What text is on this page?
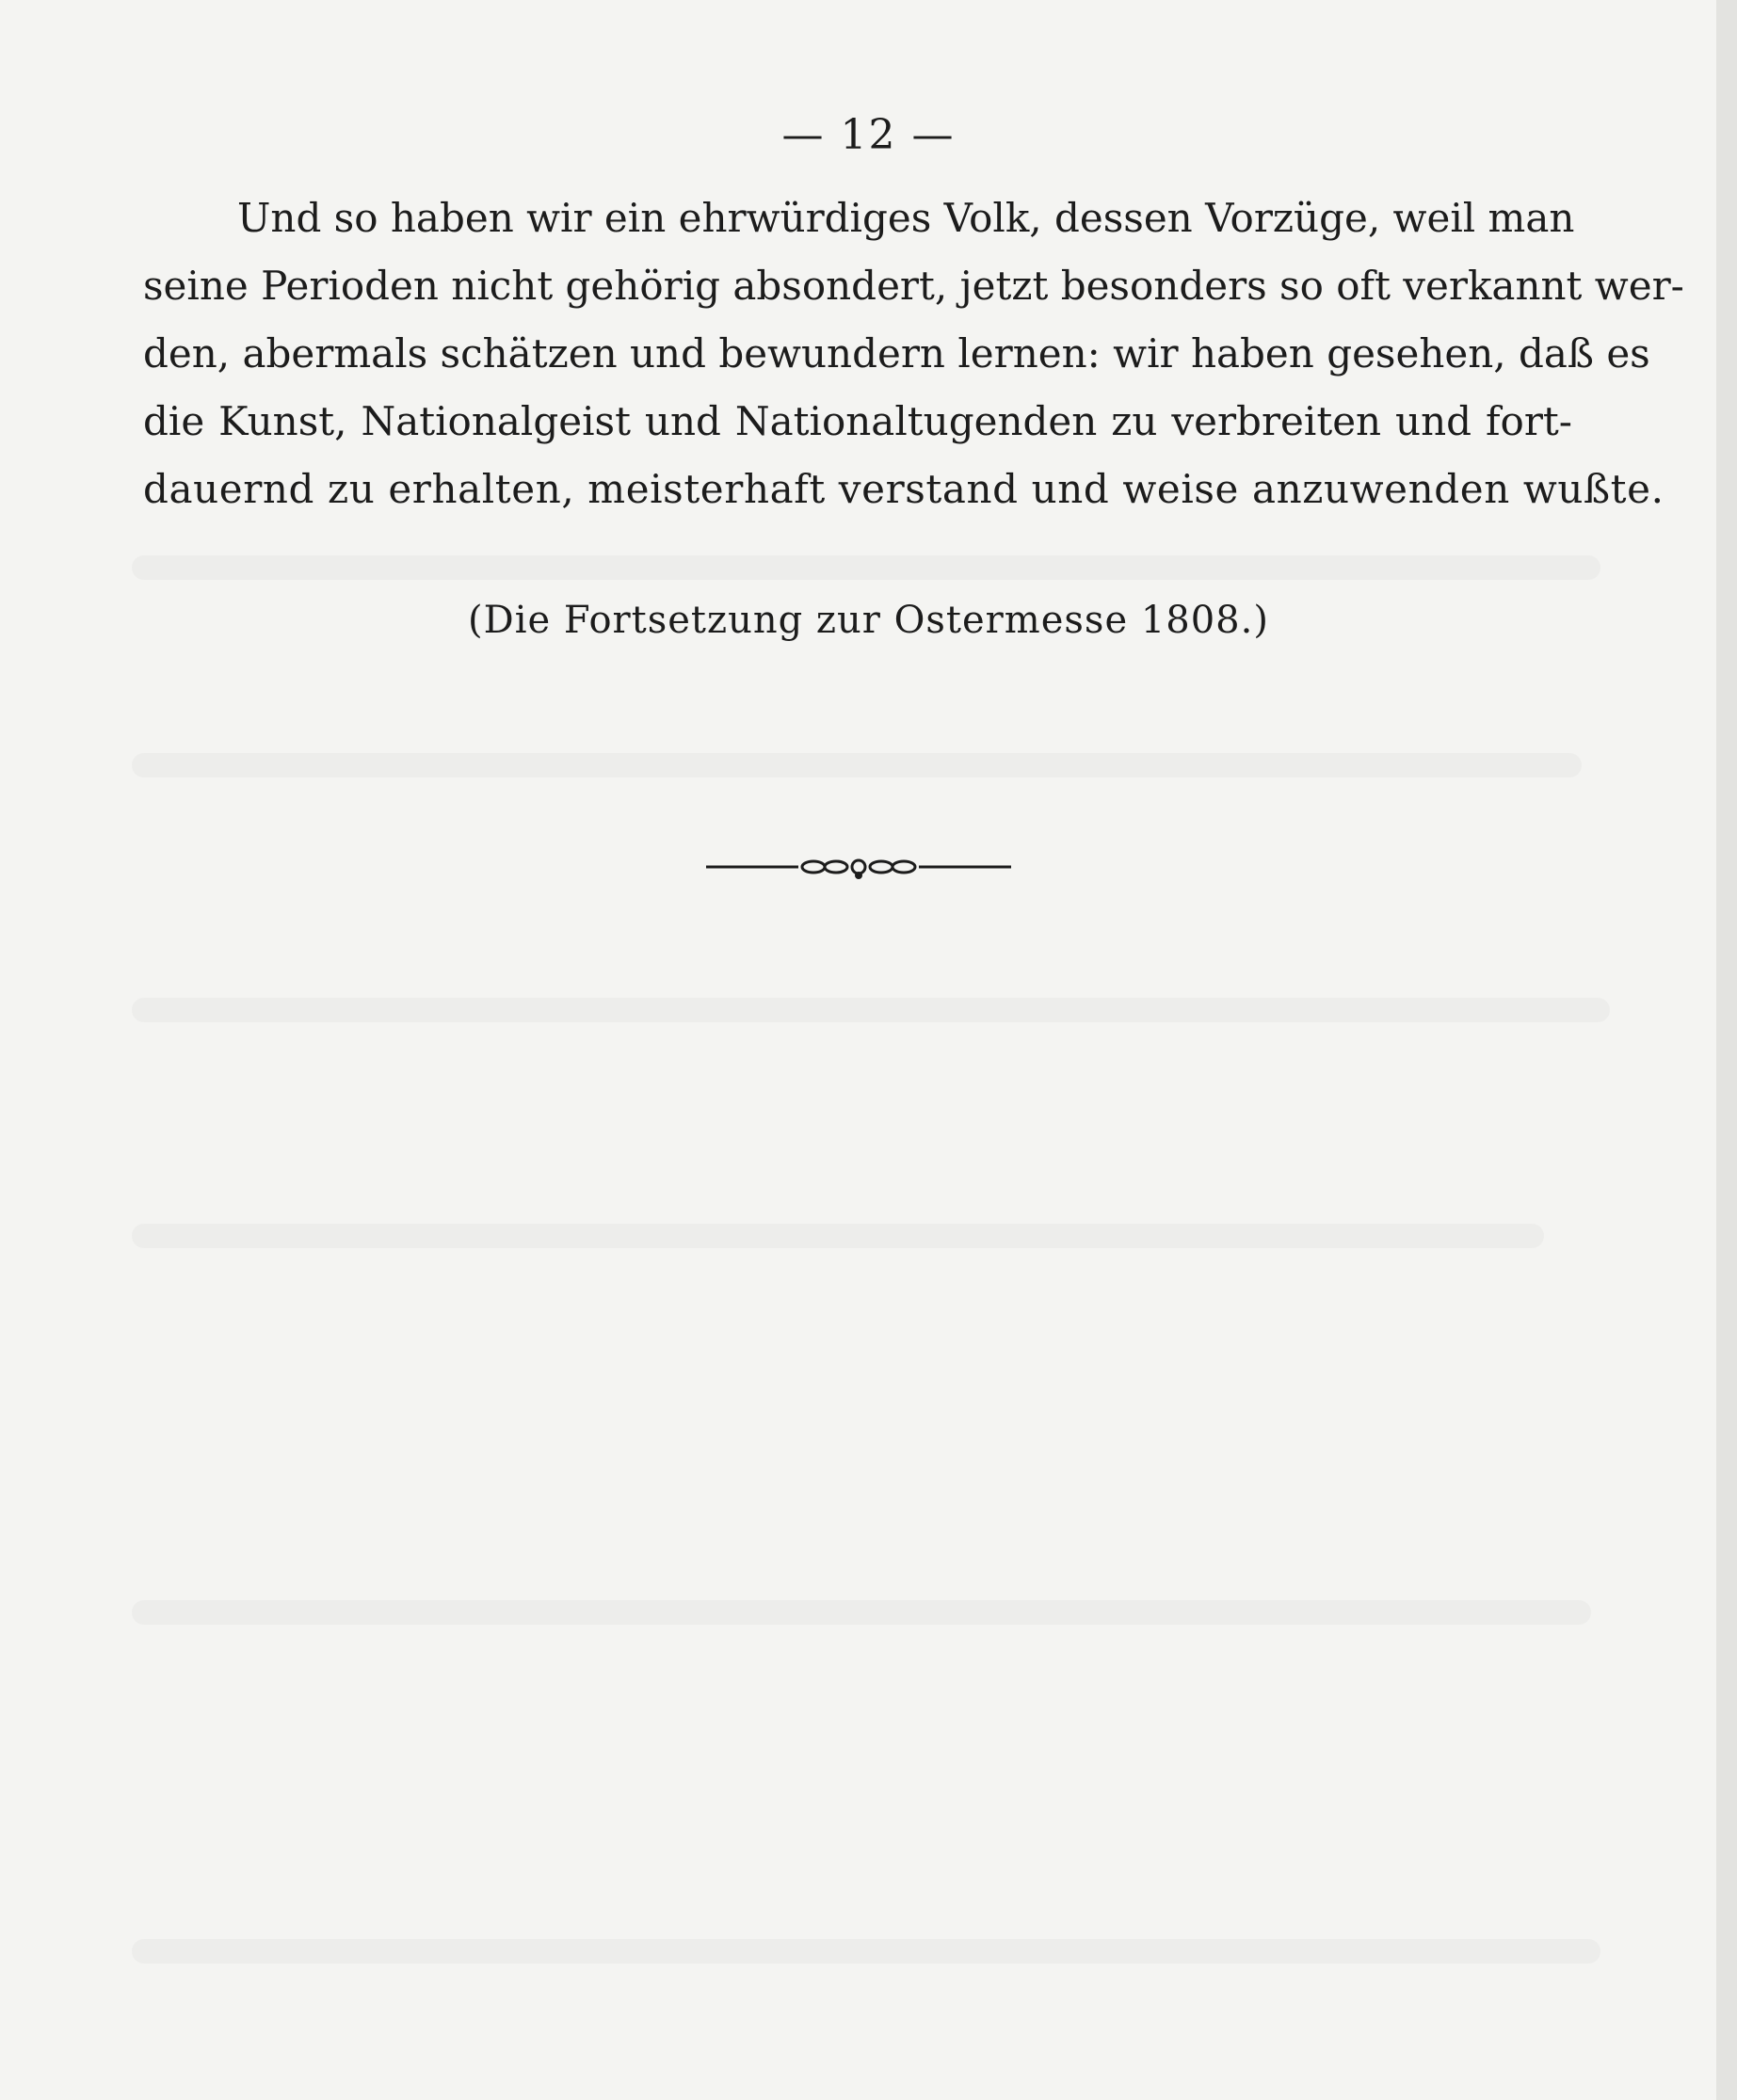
— 12 —
Und so haben wir ein ehrwürdiges Volk, dessen Vorzüge, weil man
seine Perioden nicht gehörig absondert, jetzt besonders so oft verkannt wer-
den, abermals schätzen und bewundern lernen: wir haben gesehen, daß es
die Kunst, Nationalgeist und Nationaltugenden zu verbreiten und fort-
dauernd zu erhalten, meisterhaft verstand und weise anzuwenden wußte.
(Die Fortsetzung zur Ostermesse 1808.)
